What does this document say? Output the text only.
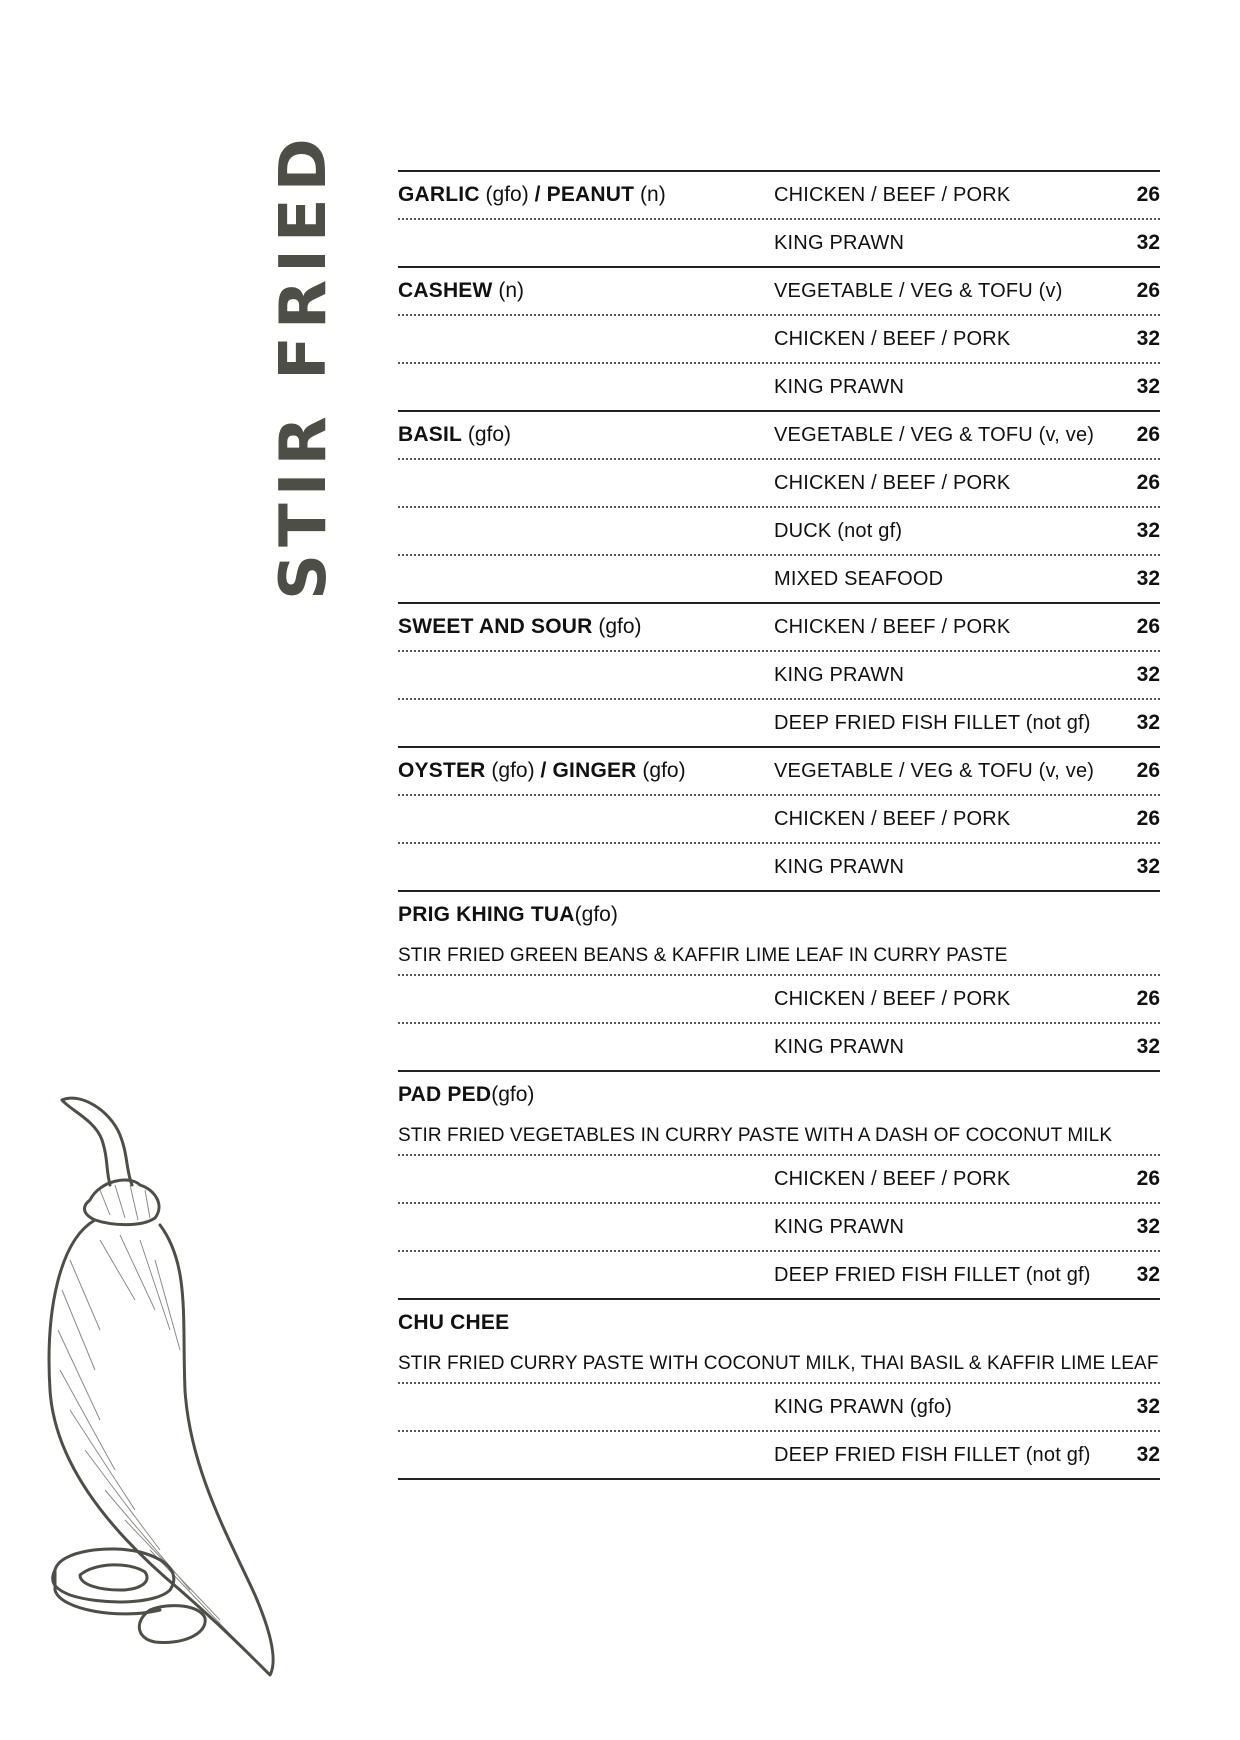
STIR FRIED	GARLIC (gfo) / PEANUT (n)	CHICKEN / BEEF / PORK	26
KING PRAWN	32
CASHEW (n)	VEGETABLE / VEG & TOFU (v)	26
CHICKEN / BEEF / PORK	32
KING PRAWN	32
BASIL (gfo)	VEGETABLE / VEG & TOFU (v, ve)	26
CHICKEN / BEEF / PORK	26
DUCK (not gf)	32
MIXED SEAFOOD	32
SWEET AND SOUR (gfo)	CHICKEN / BEEF / PORK	26
KING PRAWN	32
DEEP FRIED FISH FILLET (not gf)	32
OYSTER (gfo) / GINGER (gfo)	VEGETABLE / VEG & TOFU (v, ve)	26
CHICKEN / BEEF / PORK	26
KING PRAWN	32
PRIG KHING TUA (gfo)
STIR FRIED GREEN BEANS & KAFFIR LIME LEAF IN CURRY PASTE
CHICKEN / BEEF / PORK	26
KING PRAWN	32
PAD PED (gfo)
STIR FRIED VEGETABLES IN CURRY PASTE WITH A DASH OF COCONUT MILK
CHICKEN / BEEF / PORK	26
KING PRAWN	32
DEEP FRIED FISH FILLET (not gf)	32
CHU CHEE
STIR FRIED CURRY PASTE WITH COCONUT MILK, THAI BASIL & KAFFIR LIME LEAF
KING PRAWN (gfo)	32
DEEP FRIED FISH FILLET (not gf)	32
